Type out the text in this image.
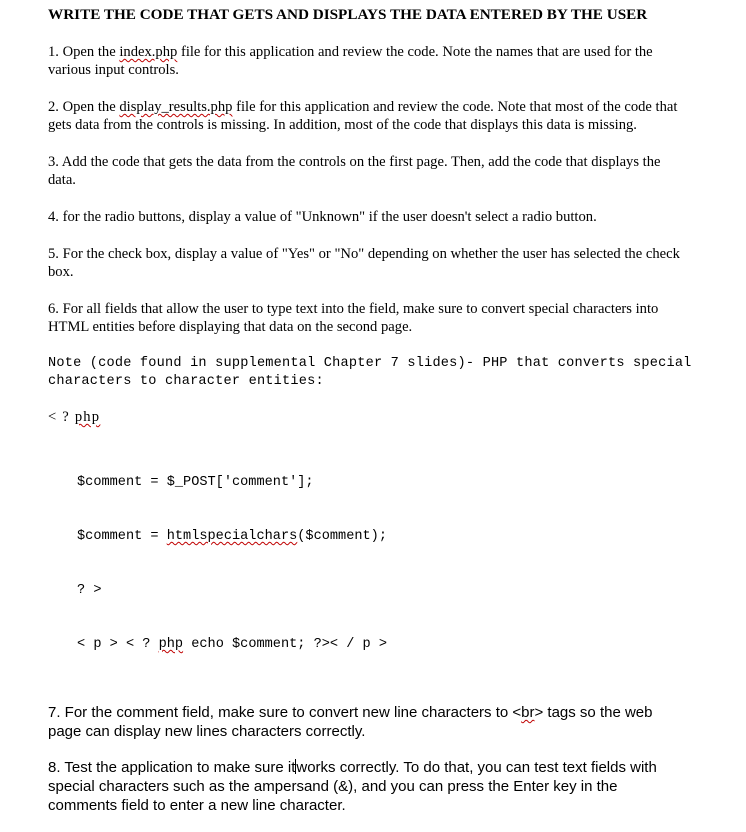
WRITE THE CODE THAT GETS AND DISPLAYS THE DATA ENTERED BY THE USER
1. Open the index.php file for this application and review the code. Note the names that are used for the various input controls.
2. Open the display_results.php file for this application and review the code. Note that most of the code that gets data from the controls is missing. In addition, most of the code that displays this data is missing.
3. Add the code that gets the data from the controls on the first page. Then, add the code that displays the data.
4. for the radio buttons, display a value of "Unknown" if the user doesn't select a radio button.
5. For the check box, display a value of "Yes" or "No" depending on whether the user has selected the check box.
6. For all fields that allow the user to type text into the field, make sure to convert special characters into HTML entities before displaying that data on the second page.
Note (code found in supplemental Chapter 7 slides)- PHP that converts special characters to character entities:
< ? php

$comment = $_POST['comment'];

$comment = htmlspecialchars($comment);

? >

< p > < ? php echo $comment; ?>< / p >

7. For the comment field, make sure to convert new line characters to <br> tags so the web page can display new lines characters correctly.
8. Test the application to make sure itworks correctly. To do that, you can test text fields with special characters such as the ampersand (&), and you can press the Enter key in the comments field to enter a new line character.
